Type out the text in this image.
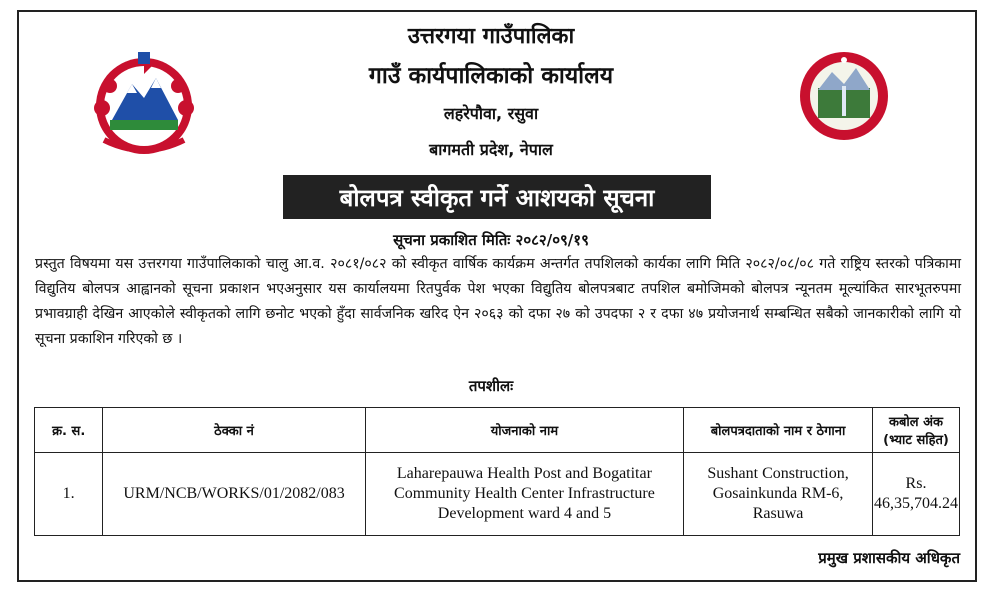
उत्तरगया गाउँपालिका
गाउँ कार्यपालिकाको कार्यालय
लहरेपौवा, रसुवा
बागमती प्रदेश, नेपाल
बोलपत्र स्वीकृत गर्ने आशयको सूचना
सूचना प्रकाशित मितिः २०८२/०९/१९
प्रस्तुत विषयमा यस उत्तरगया गाउँपालिकाको चालु आ.व. २०८१/०८२ को स्वीकृत वार्षिक कार्यक्रम अन्तर्गत तपशिलको कार्यका लागि मिति २०८२/०८/०८ गते राष्ट्रिय स्तरको पत्रिकामा विद्युतिय बोलपत्र आह्वानको सूचना प्रकाशन भएअनुसार यस कार्यालयमा रितपुर्वक पेश भएका विद्युतिय बोलपत्रबाट तपशिल बमोजिमको बोलपत्र न्यूनतम मूल्यांकित सारभूतरुपमा प्रभावग्राही देखिन आएकोले स्वीकृतको लागि छनोट भएको हुँदा सार्वजनिक खरिद ऐन २०६३ को दफा २७ को उपदफा २ र दफा ४७ प्रयोजनार्थ सम्बन्धित सबैको जानकारीको लागि यो सूचना प्रकाशिन गरिएको छ ।
तपशीलः
क्र. स.	ठेक्का नं	योजनाको नाम	बोलपत्रदाताको नाम र ठेगाना	कबोल अंक (भ्याट सहित)
1.	URM/NCB/WORKS/01/2082/083	Laharepauwa Health Post and Bogatitar Community Health Center Infrastructure Development ward 4 and 5	Sushant Construction, Gosainkunda RM-6, Rasuwa	Rs. 46,35,704.24
प्रमुख प्रशासकीय अधिकृत
